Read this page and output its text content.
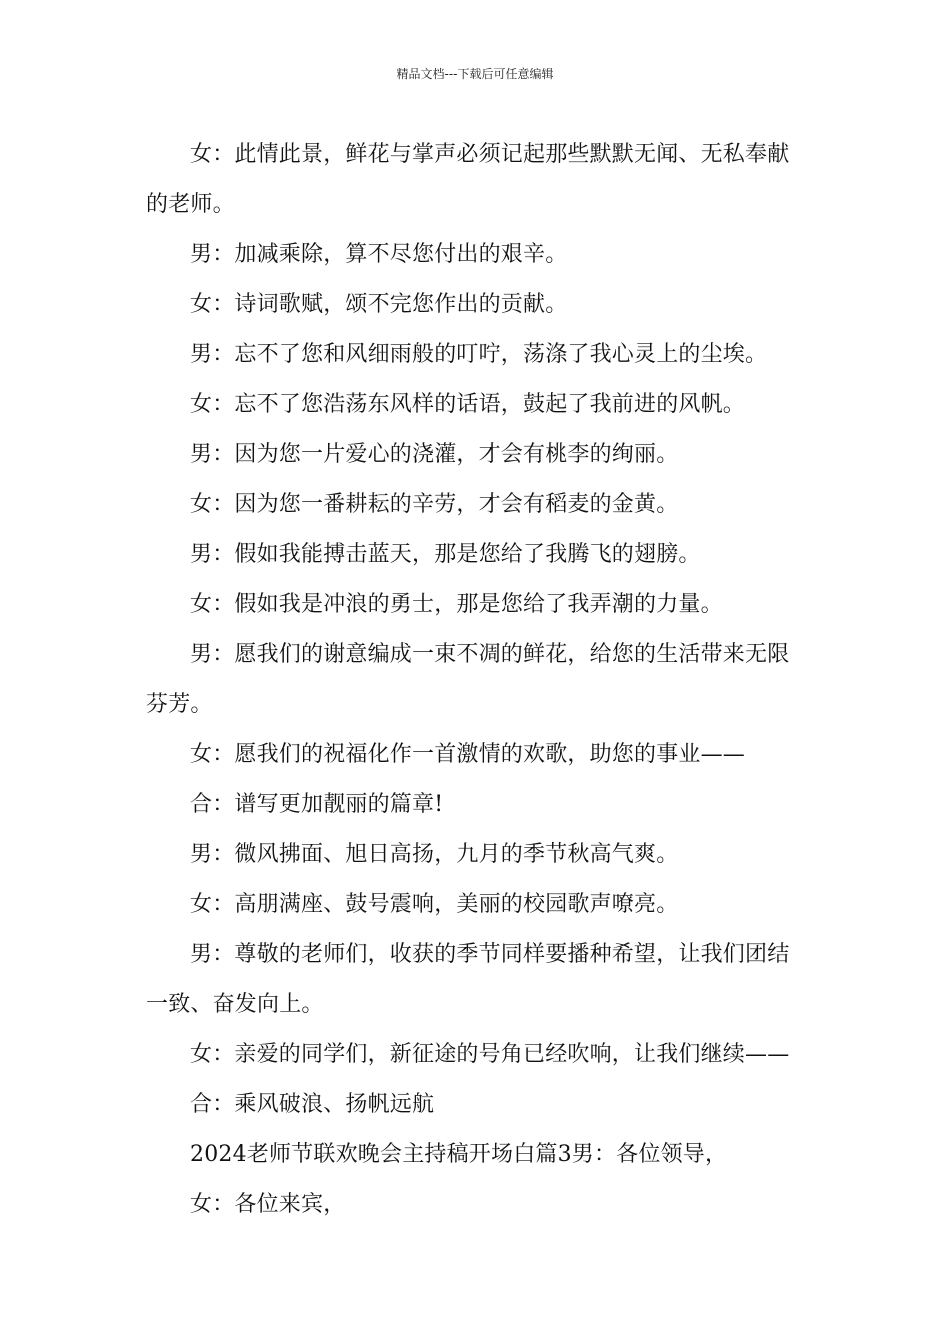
精品文档---下载后可任意编辑

女：此情此景，鲜花与掌声必须记起那些默默无闻、无私奉献的老师。

男：加减乘除，算不尽您付出的艰辛。

女：诗词歌赋，颂不完您作出的贡献。

男：忘不了您和风细雨般的叮咛，荡涤了我心灵上的尘埃。

女：忘不了您浩荡东风样的话语，鼓起了我前进的风帆。

男：因为您一片爱心的浇灌，才会有桃李的绚丽。

女：因为您一番耕耘的辛劳，才会有稻麦的金黄。

男：假如我能搏击蓝天，那是您给了我腾飞的翅膀。

女：假如我是冲浪的勇士，那是您给了我弄潮的力量。

男：愿我们的谢意编成一束不凋的鲜花，给您的生活带来无限芬芳。

女：愿我们的祝福化作一首激情的欢歌，助您的事业——

合：谱写更加靓丽的篇章!

男：微风拂面、旭日高扬，九月的季节秋高气爽。

女：高朋满座、鼓号震响，美丽的校园歌声嘹亮。

男：尊敬的老师们，收获的季节同样要播种希望，让我们团结一致、奋发向上。

女：亲爱的同学们，新征途的号角已经吹响，让我们继续——

合：乘风破浪、扬帆远航

2024老师节联欢晚会主持稿开场白篇3男：各位领导，

女：各位来宾，
